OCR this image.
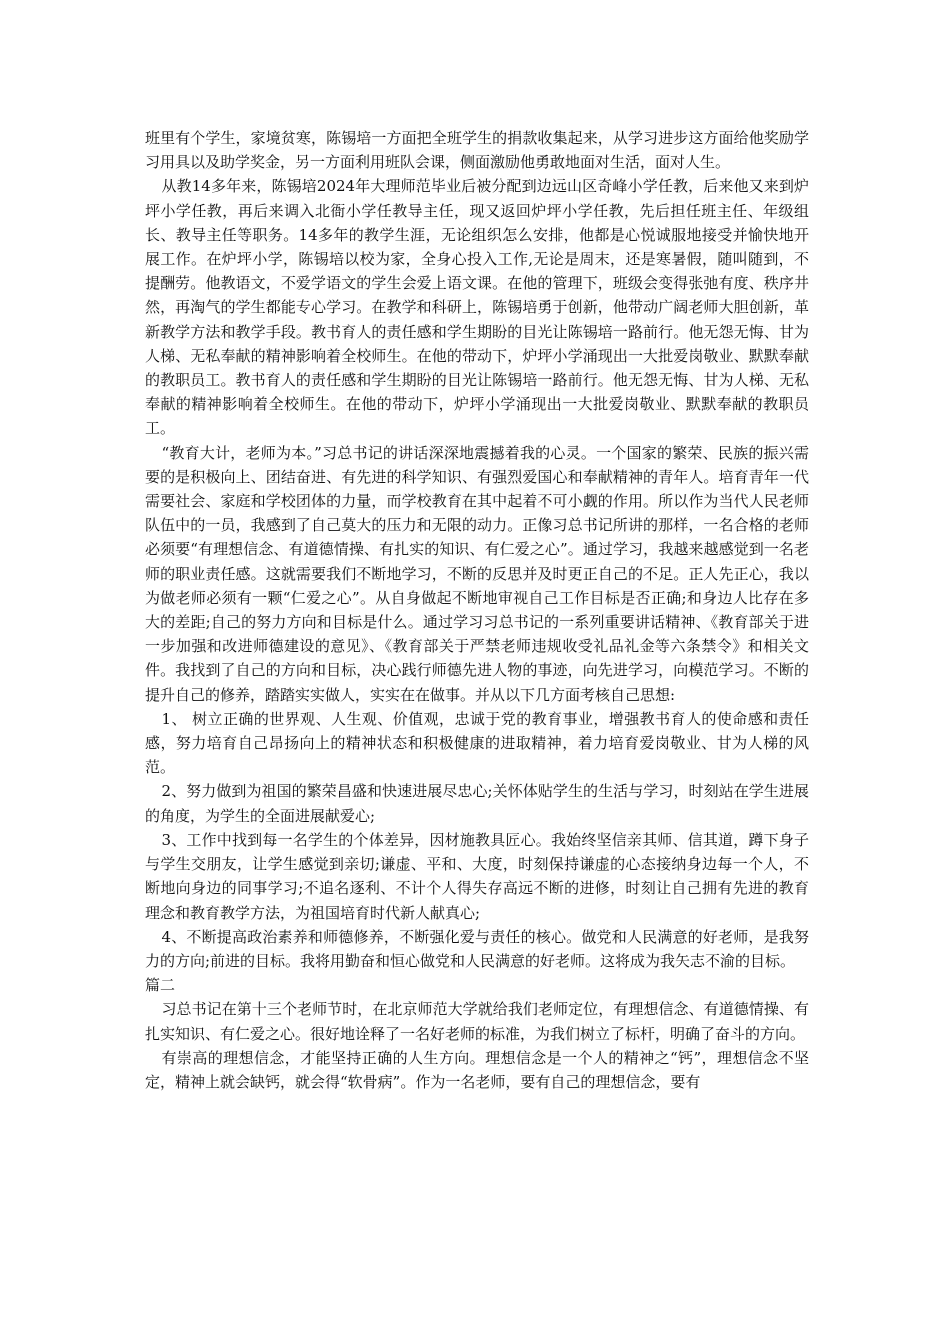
班里有个学生，家境贫寒，陈锡培一方面把全班学生的捐款收集起来，从学习进步这方面给他奖励学习用具以及助学奖金，另一方面利用班队会课，侧面激励他勇敢地面对生活，面对人生。

从教14多年来，陈锡培2024年大理师范毕业后被分配到边远山区奇峰小学任教，后来他又来到炉坪小学任教，再后来调入北衙小学任教导主任，现又返回炉坪小学任教，先后担任班主任、年级组长、教导主任等职务。14多年的教学生涯，无论组织怎么安排，他都是心悦诚服地接受并愉快地开展工作。在炉坪小学，陈锡培以校为家，全身心投入工作,无论是周末，还是寒暑假，随叫随到，不提酬劳。他教语文，不爱学语文的学生会爱上语文课。在他的管理下，班级会变得张弛有度、秩序井然，再淘气的学生都能专心学习。在教学和科研上，陈锡培勇于创新，他带动广阔老师大胆创新，革新教学方法和教学手段。教书育人的责任感和学生期盼的目光让陈锡培一路前行。他无怨无悔、甘为人梯、无私奉献的精神影响着全校师生。在他的带动下，炉坪小学涌现出一大批爱岗敬业、默默奉献的教职员工。教书育人的责任感和学生期盼的目光让陈锡培一路前行。他无怨无悔、甘为人梯、无私奉献的精神影响着全校师生。在他的带动下，炉坪小学涌现出一大批爱岗敬业、默默奉献的教职员工。

“教育大计，老师为本。”习总书记的讲话深深地震撼着我的心灵。一个国家的繁荣、民族的振兴需要的是积极向上、团结奋进、有先进的科学知识、有强烈爱国心和奉献精神的青年人。培育青年一代需要社会、家庭和学校团体的力量，而学校教育在其中起着不可小觑的作用。所以作为当代人民老师队伍中的一员，我感到了自己莫大的压力和无限的动力。正像习总书记所讲的那样，一名合格的老师必须要“有理想信念、有道德情操、有扎实的知识、有仁爱之心”。通过学习，我越来越感觉到一名老师的职业责任感。这就需要我们不断地学习，不断的反思并及时更正自己的不足。正人先正心，我以为做老师必须有一颗“仁爱之心”。从自身做起不断地审视自己工作目标是否正确;和身边人比存在多大的差距;自己的努力方向和目标是什么。通过学习习总书记的一系列重要讲话精神、《教育部关于进一步加强和改进师德建设的意见》、《教育部关于严禁老师违规收受礼品礼金等六条禁令》和相关文件。我找到了自己的方向和目标，决心践行师德先进人物的事迹，向先进学习，向模范学习。不断的提升自己的修养，踏踏实实做人，实实在在做事。并从以下几方面考核自己思想:

1、 树立正确的世界观、人生观、价值观，忠诚于党的教育事业，增强教书育人的使命感和责任感，努力培育自己昂扬向上的精神状态和积极健康的进取精神，着力培育爱岗敬业、甘为人梯的风范。

2、努力做到为祖国的繁荣昌盛和快速进展尽忠心;关怀体贴学生的生活与学习，时刻站在学生进展的角度，为学生的全面进展献爱心;

3、工作中找到每一名学生的个体差异，因材施教具匠心。我始终坚信亲其师、信其道，蹲下身子与学生交朋友，让学生感觉到亲切;谦虚、平和、大度，时刻保持谦虚的心态接纳身边每一个人，不断地向身边的同事学习;不追名逐利、不计个人得失存高远不断的进修，时刻让自己拥有先进的教育理念和教育教学方法，为祖国培育时代新人献真心;

4、不断提高政治素养和师德修养，不断强化爱与责任的核心。做党和人民满意的好老师，是我努力的方向;前进的目标。我将用勤奋和恒心做党和人民满意的好老师。这将成为我矢志不渝的目标。

篇二

习总书记在第十三个老师节时，在北京师范大学就给我们老师定位，有理想信念、有道德情操、有扎实知识、有仁爱之心。很好地诠释了一名好老师的标准，为我们树立了标杆，明确了奋斗的方向。

有崇高的理想信念，才能坚持正确的人生方向。理想信念是一个人的精神之“钙”，理想信念不坚定，精神上就会缺钙，就会得“软骨病”。作为一名老师，要有自己的理想信念，要有
